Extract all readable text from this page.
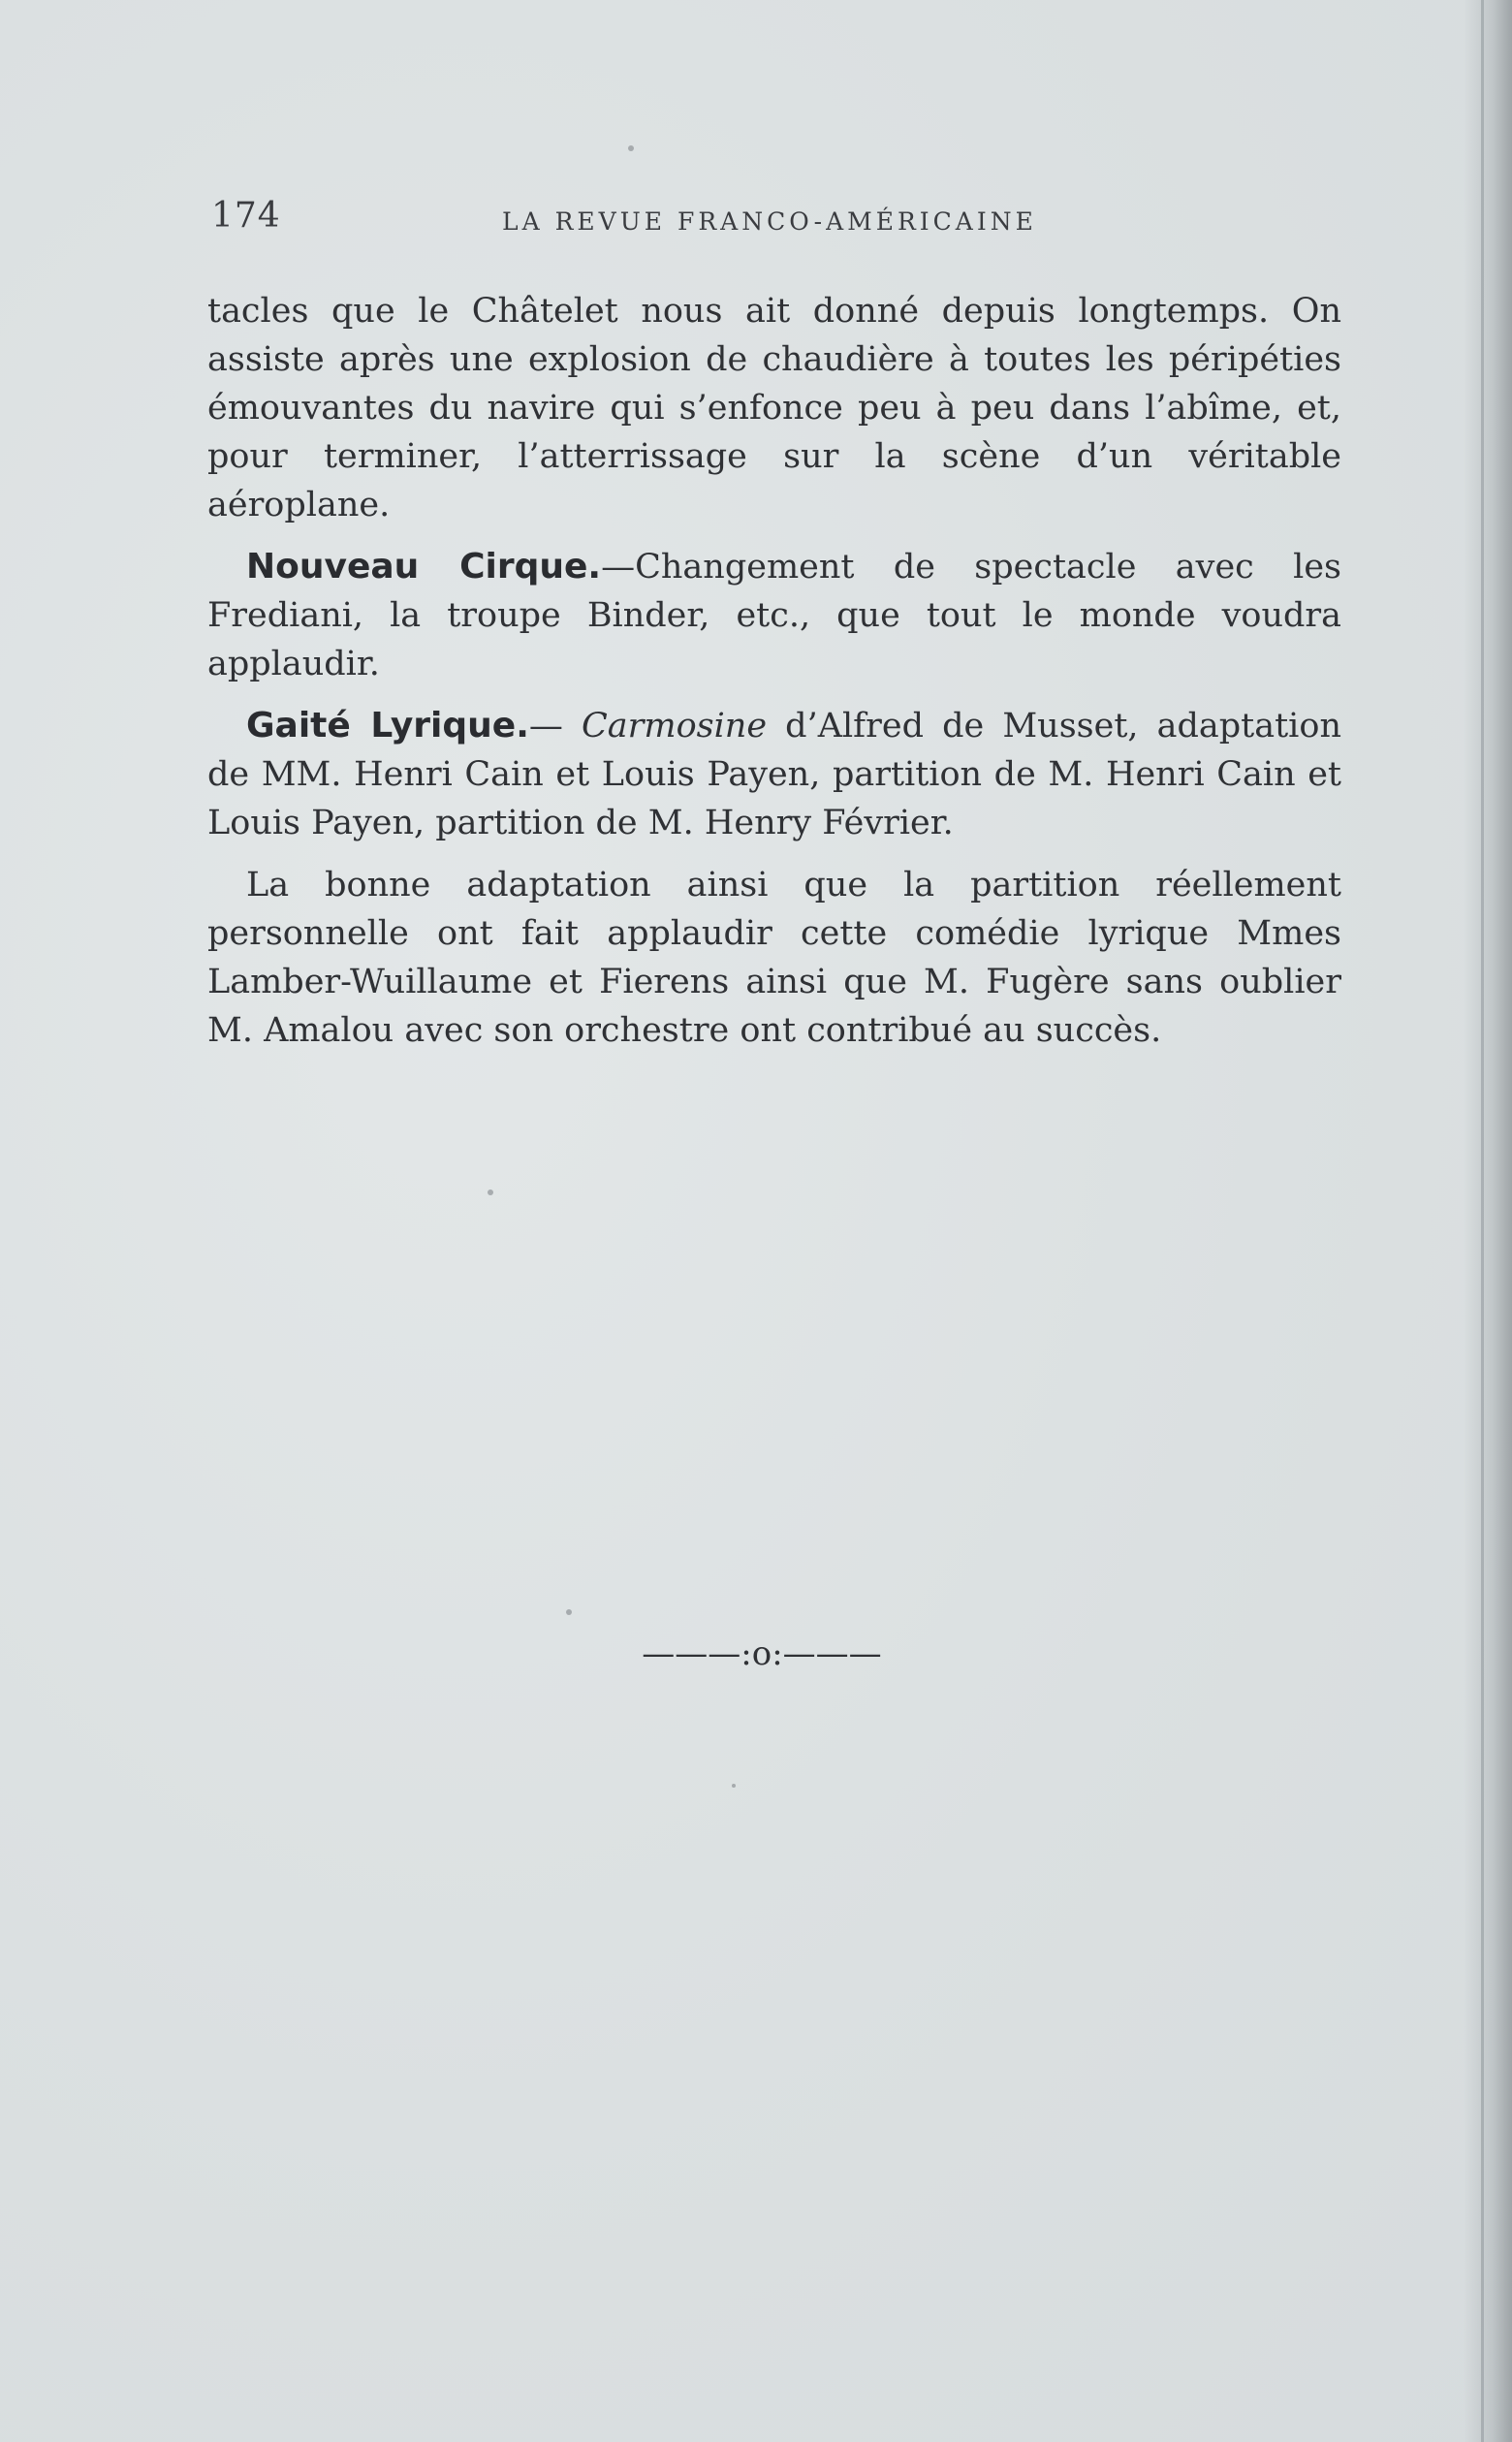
174	LA REVUE FRANCO-AMÉRICAINE

tacles que le Châtelet nous ait donné depuis longtemps. On assiste après une explosion de chaudière à toutes les péripéties émouvantes du navire qui s’enfonce peu à peu dans l’abîme, et, pour terminer, l’atterrissage sur la scène d’un véritable aéroplane.

Nouveau Cirque.—Changement de spectacle avec les Frediani, la troupe Binder, etc., que tout le monde voudra applaudir.

Gaité Lyrique.— Carmosine d’Alfred de Musset, adaptation de MM. Henri Cain et Louis Payen, partition de M. Henri Cain et Louis Payen, partition de M. Henry Février.

La bonne adaptation ainsi que la partition réellement personnelle ont fait applaudir cette comédie lyrique Mmes Lamber-Wuillaume et Fierens ainsi que M. Fugère sans oublier M. Amalou avec son orchestre ont contribué au succès.

———:o:———
